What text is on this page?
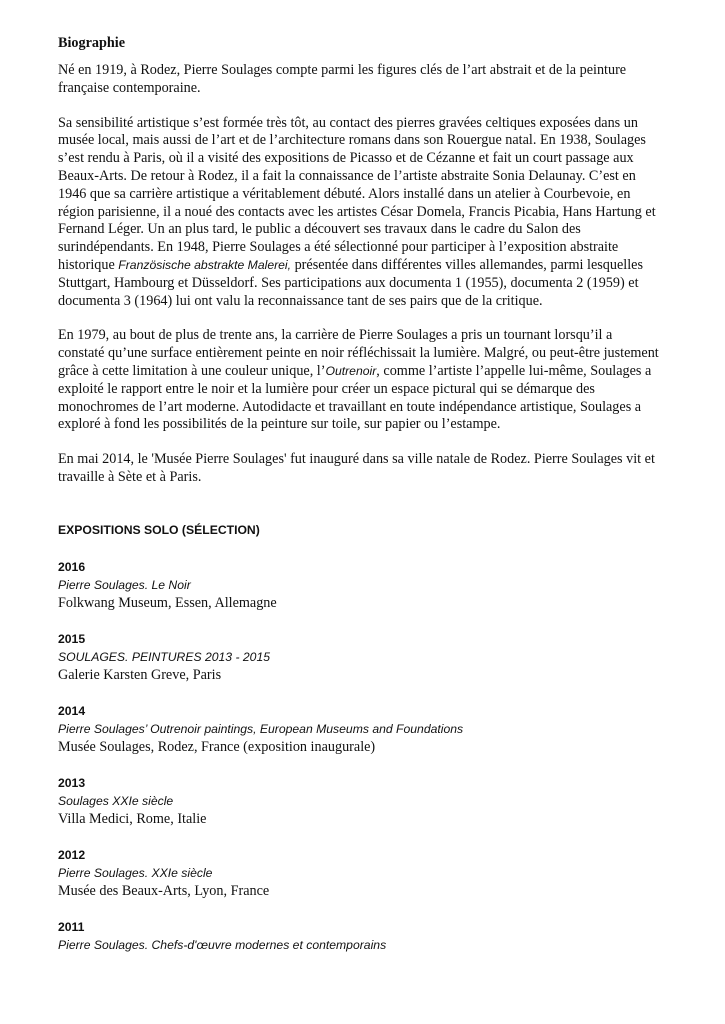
Biographie

Né en 1919, à Rodez, Pierre Soulages compte parmi les figures clés de l’art abstrait et de la peinture française contemporaine.

Sa sensibilité artistique s’est formée très tôt, au contact des pierres gravées celtiques exposées dans un musée local, mais aussi de l’art et de l’architecture romans dans son Rouergue natal. En 1938, Soulages s’est rendu à Paris, où il a visité des expositions de Picasso et de Cézanne et fait un court passage aux Beaux-Arts. De retour à Rodez, il a fait la connaissance de l’artiste abstraite Sonia Delaunay. C’est en 1946 que sa carrière artistique a véritablement débuté. Alors installé dans un atelier à Courbevoie, en région parisienne, il a noué des contacts avec les artistes César Domela, Francis Picabia, Hans Hartung et Fernand Léger. Un an plus tard, le public a découvert ses travaux dans le cadre du Salon des surindépendants. En 1948, Pierre Soulages a été sélectionné pour participer à l’exposition abstraite historique Französische abstrakte Malerei, présentée dans différentes villes allemandes, parmi lesquelles Stuttgart, Hambourg et Düsseldorf. Ses participations aux documenta 1 (1955), documenta 2 (1959) et documenta 3 (1964) lui ont valu la reconnaissance tant de ses pairs que de la critique.

En 1979, au bout de plus de trente ans, la carrière de Pierre Soulages a pris un tournant lorsqu’il a constaté qu’une surface entièrement peinte en noir réfléchissait la lumière. Malgré, ou peut-être justement grâce à cette limitation à une couleur unique, l’Outrenoir, comme l’artiste l’appelle lui-même, Soulages a exploité le rapport entre le noir et la lumière pour créer un espace pictural qui se démarque des monochromes de l’art moderne. Autodidacte et travaillant en toute indépendance artistique, Soulages a exploré à fond les possibilités de la peinture sur toile, sur papier ou l’estampe.

En mai 2014, le 'Musée Pierre Soulages' fut inauguré dans sa ville natale de Rodez. Pierre Soulages vit et travaille à Sète et à Paris.

EXPOSITIONS SOLO (SÉLECTION)
2016
Pierre Soulages. Le Noir
Folkwang Museum, Essen, Allemagne
2015
SOULAGES. PEINTURES 2013 - 2015
Galerie Karsten Greve, Paris
2014
Pierre Soulages’ Outrenoir paintings, European Museums and Foundations
Musée Soulages, Rodez, France (exposition inaugurale)
2013
Soulages XXIe siècle
Villa Medici, Rome, Italie
2012
Pierre Soulages. XXIe siècle
Musée des Beaux-Arts, Lyon, France
2011
Pierre Soulages. Chefs-d'œuvre modernes et contemporains
